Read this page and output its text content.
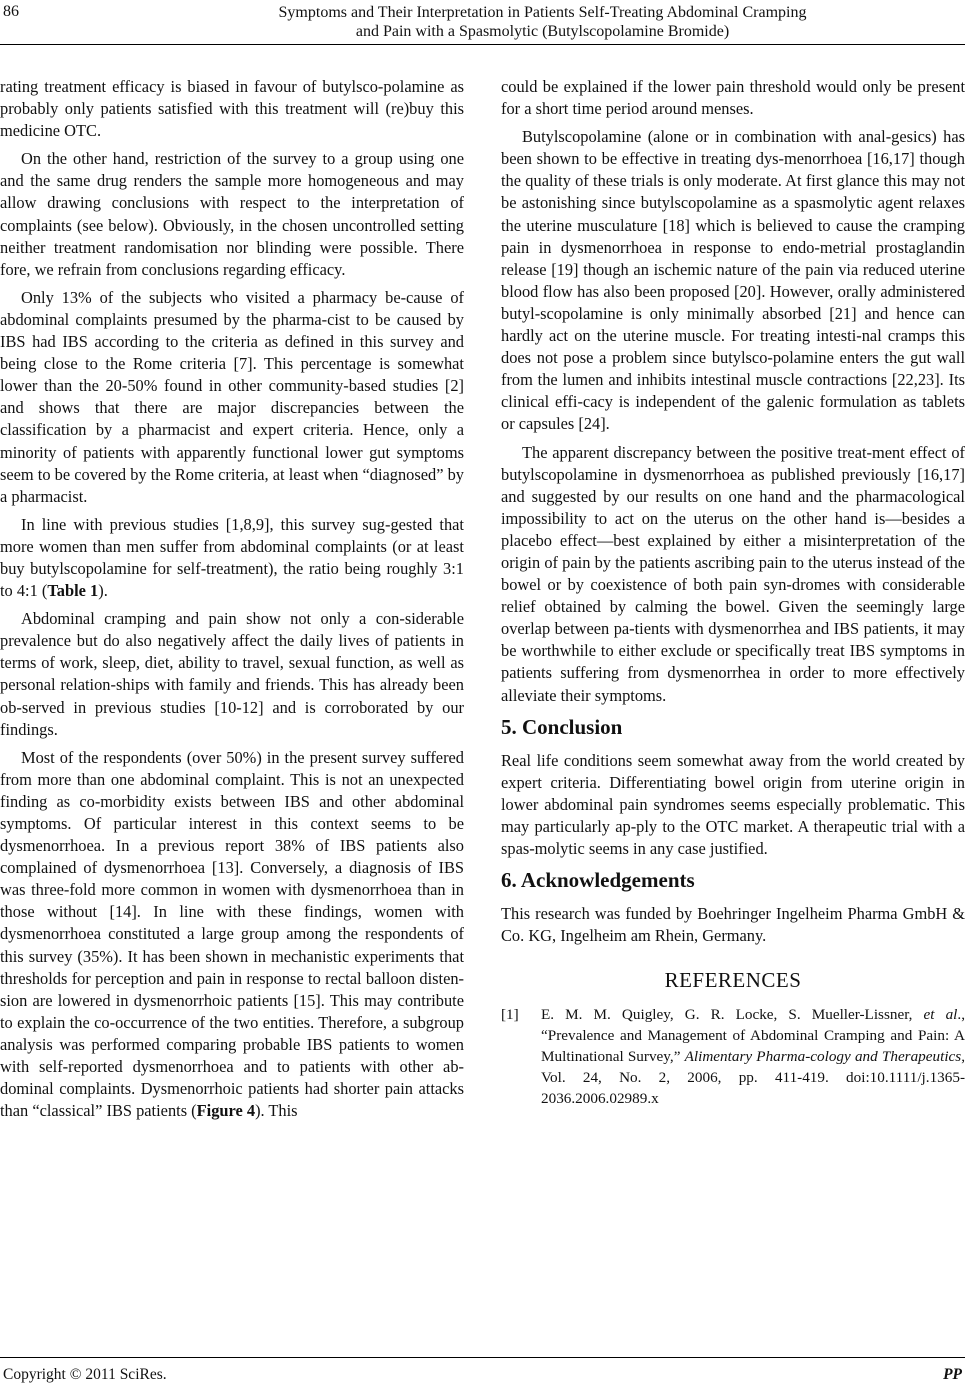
86	Symptoms and Their Interpretation in Patients Self-Treating Abdominal Cramping
and Pain with a Spasmolytic (Butylscopolamine Bromide)

rating treatment efficacy is biased in favour of butylsco-polamine as probably only patients satisfied with this treatment will (re)buy this medicine OTC.

On the other hand, restriction of the survey to a group using one and the same drug renders the sample more homogeneous and may allow drawing conclusions with respect to the interpretation of complaints (see below). Obviously, in the chosen uncontrolled setting neither treatment randomisation nor blinding were possible. There fore, we refrain from conclusions regarding efficacy.

Only 13% of the subjects who visited a pharmacy be-cause of abdominal complaints presumed by the pharma-cist to be caused by IBS had IBS according to the criteria as defined in this survey and being close to the Rome criteria [7]. This percentage is somewhat lower than the 20-50% found in other community-based studies [2] and shows that there are major discrepancies between the classification by a pharmacist and expert criteria. Hence, only a minority of patients with apparently functional lower gut symptoms seem to be covered by the Rome criteria, at least when “diagnosed” by a pharmacist.

In line with previous studies [1,8,9], this survey sug-gested that more women than men suffer from abdominal complaints (or at least buy butylscopolamine for self-treatment), the ratio being roughly 3:1 to 4:1 (Table 1).

Abdominal cramping and pain show not only a con-siderable prevalence but do also negatively affect the daily lives of patients in terms of work, sleep, diet, ability to travel, sexual function, as well as personal relation-ships with family and friends. This has already been ob-served in previous studies [10-12] and is corroborated by our findings.

Most of the respondents (over 50%) in the present survey suffered from more than one abdominal complaint. This is not an unexpected finding as co-morbidity exists between IBS and other abdominal symptoms. Of particular interest in this context seems to be dysmenorrhoea. In a previous report 38% of IBS patients also complained of dysmenorrhoea [13]. Conversely, a diagnosis of IBS was three-fold more common in women with dysmenorrhoea than in those without [14]. In line with these findings, women with dysmenorrhoea constituted a large group among the respondents of this survey (35%). It has been shown in mechanistic experiments that thresholds for perception and pain in response to rectal balloon disten-sion are lowered in dysmenorrhoic patients [15]. This may contribute to explain the co-occurrence of the two entities. Therefore, a subgroup analysis was performed comparing probable IBS patients to women with self-reported dysmenorrhoea and to patients with other ab-dominal complaints. Dysmenorrhoic patients had shorter pain attacks than “classical” IBS patients (Figure 4). This

could be explained if the lower pain threshold would only be present for a short time period around menses.

Butylscopolamine (alone or in combination with anal-gesics) has been shown to be effective in treating dys-menorrhoea [16,17] though the quality of these trials is only moderate. At first glance this may not be astonishing since butylscopolamine as a spasmolytic agent relaxes the uterine musculature [18] which is believed to cause the cramping pain in dysmenorrhoea in response to endo-metrial prostaglandin release [19] though an ischemic nature of the pain via reduced uterine blood flow has also been proposed [20]. However, orally administered butyl-scopolamine is only minimally absorbed [21] and hence can hardly act on the uterine muscle. For treating intesti-nal cramps this does not pose a problem since butylsco-polamine enters the gut wall from the lumen and inhibits intestinal muscle contractions [22,23]. Its clinical effi-cacy is independent of the galenic formulation as tablets or capsules [24].

The apparent discrepancy between the positive treat-ment effect of butylscopolamine in dysmenorrhoea as published previously [16,17] and suggested by our results on one hand and the pharmacological impossibility to act on the uterus on the other hand is—besides a placebo effect—best explained by either a misinterpretation of the origin of pain by the patients ascribing pain to the uterus instead of the bowel or by coexistence of both pain syn-dromes with considerable relief obtained by calming the bowel. Given the seemingly large overlap between pa-tients with dysmenorrhea and IBS patients, it may be worthwhile to either exclude or specifically treat IBS symptoms in patients suffering from dysmenorrhea in order to more effectively alleviate their symptoms.

5. Conclusion

Real life conditions seem somewhat away from the world created by expert criteria. Differentiating bowel origin from uterine origin in lower abdominal pain syndromes seems especially problematic. This may particularly ap-ply to the OTC market. A therapeutic trial with a spas-molytic seems in any case justified.

6. Acknowledgements

This research was funded by Boehringer Ingelheim Pharma GmbH & Co. KG, Ingelheim am Rhein, Germany.

REFERENCES
[1]	E. M. M. Quigley, G. R. Locke, S. Mueller-Lissner, et al., “Prevalence and Management of Abdominal Cramping and Pain: A Multinational Survey,” Alimentary Pharma-cology and Therapeutics, Vol. 24, No. 2, 2006, pp. 411-419. doi:10.1111/j.1365-2036.2006.02989.x
Copyright © 2011 SciRes.	PP
